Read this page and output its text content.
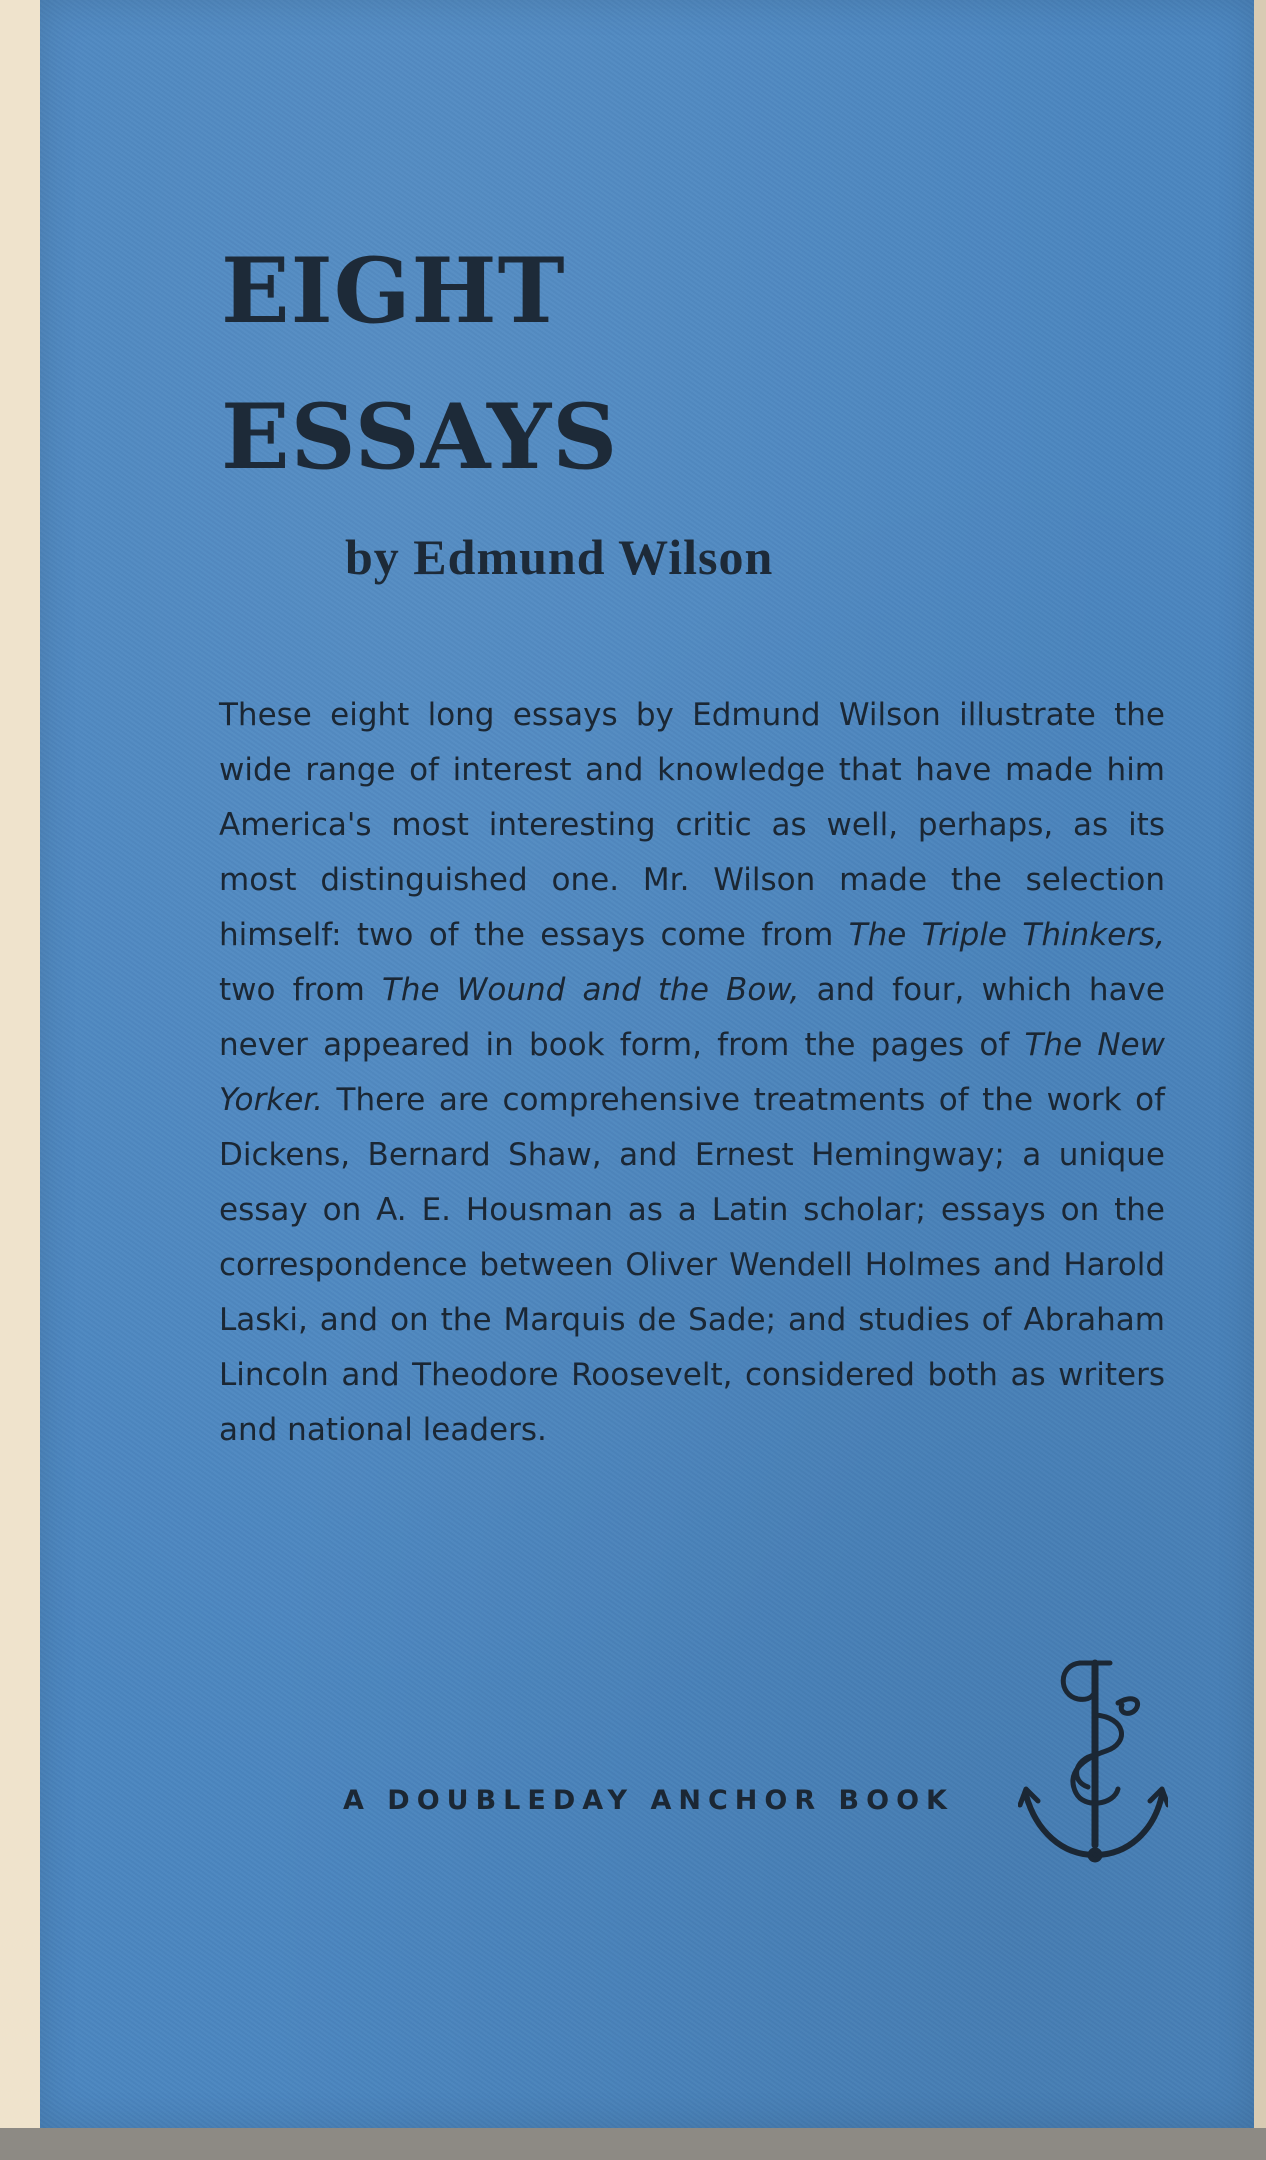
EIGHT
ESSAYS
by Edmund Wilson

These eight long essays by Edmund Wilson illustrate the wide range of interest and knowledge that have made him America's most interesting critic as well, perhaps, as its most distinguished one. Mr. Wilson made the selection himself: two of the essays come from The Triple Thinkers, two from The Wound and the Bow, and four, which have never appeared in book form, from the pages of The New Yorker. There are comprehensive treatments of the work of Dickens, Bernard Shaw, and Ernest Hemingway; a unique essay on A. E. Housman as a Latin scholar; essays on the correspondence between Oliver Wendell Holmes and Harold Laski, and on the Marquis de Sade; and studies of Abraham Lincoln and Theodore Roosevelt, considered both as writers and national leaders.

A DOUBLEDAY ANCHOR BOOK
